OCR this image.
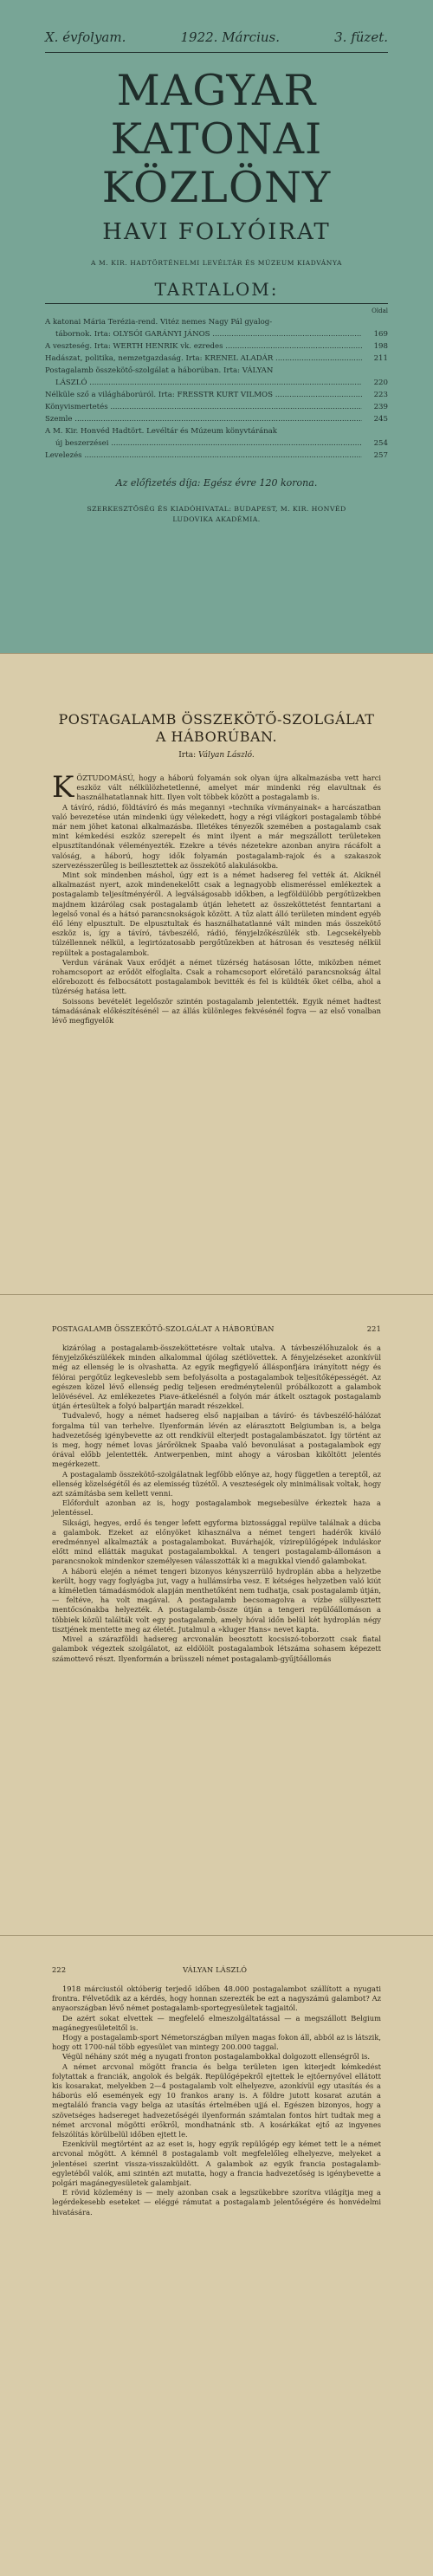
X. évfolyam.	1922. Március.	3. füzet.
MAGYAR
KATONAI KÖZLÖNY
HAVI FOLYÓIRAT
A M. KIR. HADTÖRTÉNELMI LEVÉLTÁR ÉS MÚZEUM KIADVÁNYA
TARTALOM:
Oldal
A katonai Mária Terézia-rend. Vitéz nemes Nagy Pál gyalog-
tábornok. Irta: OLYSÓI GARÁNYI JÁNOS .....	169
A veszteség. Irta: WERTH HENRIK vk. ezredes .....	198
Hadászat, politika, nemzetgazdaság. Irta: KRENEL ALADÁR .....	211
Postagalamb összekötő-szolgálat a háborúban. Irta: VÁLYAN
LÁSZLÓ .....	220
Nélküle sző a világháborúról. Irta: FRESSTR KURT VILMOS .....	223
Könyvismertetés .....	239
Szemle .....	245
A M. Kir. Honvéd Hadtört. Levéltár és Múzeum könyvtárának
új beszerzései .....	254
Levelezés .....	257
Az előfizetés díja: Egész évre 120 korona.
SZERKESZTŐSÉG ÉS KIADÓHIVATAL: BUDAPEST, M. KIR. HONVÉD
LUDOVIKA AKADÉMIA.
POSTAGALAMB ÖSSZEKÖTŐ-SZOLGÁLAT
A HÁBORÚBAN.
Irta: Vályan László.
K ÖZTUDOMÁSÚ, hogy a háború folyamán sok olyan újra alkalmazásba vett harci eszköz vált nélkülözhetetlenné, amelyet már mindenki rég elavultnak és használhatatlannak hitt. Ilyen volt többek között a postagalamb is.

A távíró, rádió, földtávíró és más megannyi »technika vívmányainak« a harcászatban való bevezetése után mindenki úgy vélekedett, hogy a régi világkori postagalamb többé már nem jöhet katonai alkalmazásba. Illetékes tényezők szemében a postagalamb csak mint kémkedési eszköz szerepelt és mint ilyent a már megszállott területeken elpusztítandónak véleményezték. Ezekre a tévés nézetekre azonban anyira rácáfolt a valóság, a háború, hogy idők folyamán postagalamb-rajok és a szakaszok szervezésszerűleg is beillesztettek az összekötő alakulásokba.

Mint sok mindenben máshol, úgy ezt is a német hadsereg fel vették át. Akiknél alkalmazást nyert, azok mindenekelőtt csak a legnagyobb elismeréssel emlékeztek a postagalamb teljesítményéről. A legválságosabb időkben, a legföldülőbb pergőtüzekben majdnem kizárólag csak postagalamb útján lehetett az összeköttetést fenntartani a legelső vonal és a hátsó parancsnokságok között. A tűz alatt álló területen mindent egyéb élő lény elpusztult. De elpusztultak és használhatatlanné vált minden más összekötő eszköz is, így a távíró, távbeszélő, rádió, fényjelzőkészülék stb. Legcsekélyebb túlzéllennek nélkül, a legirtózatosabb pergőtűzekben at hátrosan és veszteség nélkül repültek a postagalambok.

Verdun várának Vaux erődjét a német tüzérség hatásosan lőtte, miközben német rohamcsoport az erődöt elfoglalta. Csak a rohamcsoport előretáló parancsnokság által előrebozott és felbocsátott postagalambok bevitték és fel is küldték őket célba, ahol a tüzérség hatása lett.

Soissons bevételét legelőször szintén postagalamb jelentették. Egyik német hadtest támadásának előkészítésénél — az állás különleges fekvésénél fogva — az első vonalban lévő megfigyelők

POSTAGALAMB ÖSSZEKÖTŐ-SZOLGÁLAT A HÁBORÚBAN	221

kizárólag a postagalamb-összeköttetésre voltak utalva. A távbeszélőhuzalok és a fényjelzőkészülékek minden alkalommal újólag szétlövettek. A fényjelzéseket azonkívül még az ellenség le is olvashatta. Az egyik megfigyelő állásponfjára irányított négy és félórai pergőtűz legkeveslebb sem befolyásolta a postagalambok teljesítőképességét. Az egészen közel lévő ellenség pedig teljesen eredménytelenül próbálkozott a galambok lelövésével. Az emlékezetes Piave-átkelésnél a folyón már átkelt osztagok postagalamb útján értesültek a folyó balpartján maradt részekkel.

Tudvalevő, hogy a német hadsereg első napjaiban a távíró- és távbeszélő-hálózat forgalma túl van terhelve. Ilyenformán lévén az elárasztott Belgiumban is, a belga hadvezetőség igénybevette az ott rendkívül elterjedt postagalambászatot. Így történt az is meg, hogy német lovas járőröknek Spaaba való bevonulásat a postagalambok egy órával előbb jelentették. Antwerpenben, mint ahogy a városban kiköltött jelentés megérkezett.

A postagalamb összekötő-szolgálatnak legfőbb előnye az, hogy független a tereptől, az ellenség közelségétől és az elemisség tüzétől. A veszteségek oly minimálisak voltak, hogy azt számításba sem kellett venni.

Előfordult azonban az is, hogy postagalambok megsebesülve érkeztek haza a jelentéssel.

Siksági, hegyes, erdő és tenger lefett egyforma biztossággal repülve találnak a dúcba a galambok. Ezeket az előnyöket kihasználva a német tengeri hadérők kiváló eredménnyel alkalmazták a postagalambokat. Buvárhajók, vízirepülőgépek induláskor előtt mind ellátták magukat postagalambokkal. A tengeri postagalamb-állomáson a parancsnokok mindenkor személyesen válasszották ki a magukkal viendő galambokat.

A háború elején a német tengeri bizonyos kényszerrülő hydroplán abba a helyzetbe került, hogy vagy foglyágba jut, vagy a hullámsírba vesz. E kétséges helyzetben való kiút a kíméletlen támadásmódok alapján menthetőként nem tudhatja, csak postagalamb útján, — feltéve, ha volt magával. A postagalamb becsomagolva a vízbe süllyesztett mentőcsónakba helyezték. A postagalamb-össze útján a tengeri repülőállomáson a többiek közül találták volt egy postagalamb, amely hóval időn belül két hydroplán négy tisztjének mentette meg az életét. Jutalmul a »kluger Hans« nevet kapta.

Mivel a szárazföldi hadsereg arcvonalán beosztott kocsiszó-toborzott csak fiatal galambok végeztek szolgálatot, az eldölölt postagalambok létszáma sohasem képezett számottevő részt. Ilyenformán a brüsszeli német postagalamb-gyűjtőállomás

222	VÁLYAN LÁSZLÓ

1918 márciustól októberig terjedő időben 48.000 postagalambot szállított a nyugati frontra. Félvetődik az a kérdés, hogy honnan szerezték be ezt a nagyszámú galambot? Az anyaországban lévő német postagalamb-sportegyesületek tagjaitól.

De azért sokat elvettek — megfelelő elmeszolgáltatással — a megszállott Belgium magánegyesületeitől is.

Hogy a postagalamb-sport Németországban milyen magas fokon áll, abból az is látszik, hogy ott 1700-nál több egyesület van mintegy 200.000 taggal.

Végül néhány szót még a nyugati fronton postagalambokkal dolgozott ellenségről is.

A német arcvonal mögött francia és belga területen igen kiterjedt kémkedést folytattak a franciák, angolok és belgák. Repülőgépekről ejtettek le ejtőernyővel ellátott kis kosarakat, melyekben 2—4 postagalamb volt elhelyezve, azonkívül egy utasítás és a háborús elő események egy 10 frankos arany is. A földre jutott kosarat azután a megtaláló francia vagy belga az utasítás értelmében ujjá el. Egészen bizonyos, hogy a szövetséges hadsereget hadvezetőségéi ilyenformán számtalan fontos hírt tudtak meg a német arcvonal mögötti erőkről, mondhatnánk stb. A kosárkákat ejtő az ingyenes felszólítás körülbelül időben ejtett le.

Ezenkívül megtörtént az az eset is, hogy egyik repülőgép egy kémet tett le a német arcvonal mögött. A kémnél 8 postagalamb volt megfelelőleg elhelyezve, melyeket a jelentései szerint vissza-visszaküldött. A galambok az egyik francia postagalamb-egyletéből valók, ami szintén azt mutatta, hogy a francia hadvezetőség is igénybevette a polgári magánegyesületek galambjait.

E rövid közlemény is — mely azonban csak a legszükebbre szorítva világítja meg a legérdekesebb eseteket — eléggé rámutat a postagalamb jelentőségére és honvédelmi hivatására.
